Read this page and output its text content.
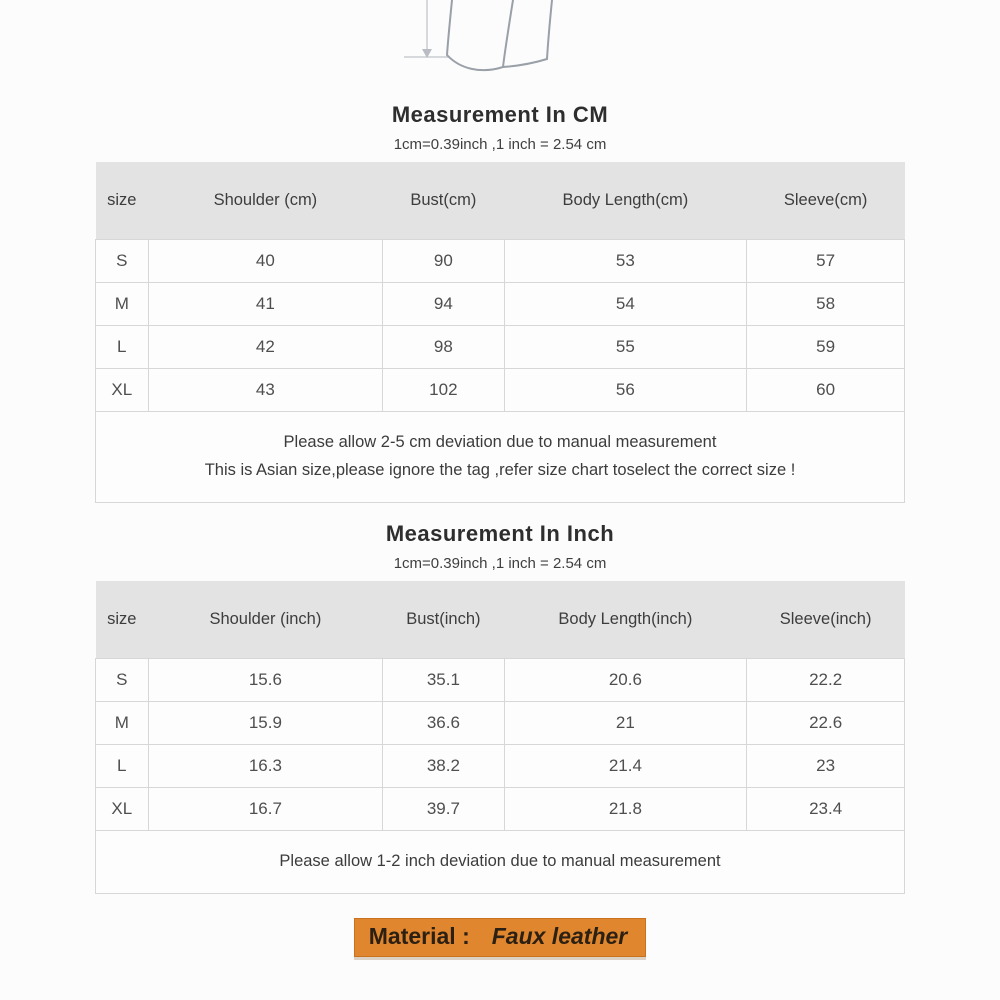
Measurement In CM
1cm=0.39inch ,1 inch = 2.54 cm
size	Shoulder (cm)	Bust(cm)	Body Length(cm)	Sleeve(cm)
S	40	90	53	57
M	41	94	54	58
L	42	98	55	59
XL	43	102	56	60

Please allow 2-5 cm deviation due to manual measurement
This is Asian size,please ignore the tag ,refer size chart toselect the correct size !				
Measurement In Inch
1cm=0.39inch ,1 inch = 2.54 cm
size	Shoulder (inch)	Bust(inch)	Body Length(inch)	Sleeve(inch)
S	15.6	35.1	20.6	22.2
M	15.9	36.6	21	22.6
L	16.3	38.2	21.4	23
XL	16.7	39.7	21.8	23.4

Please allow 1-2 inch deviation due to manual measurement				
Material : Faux leather
